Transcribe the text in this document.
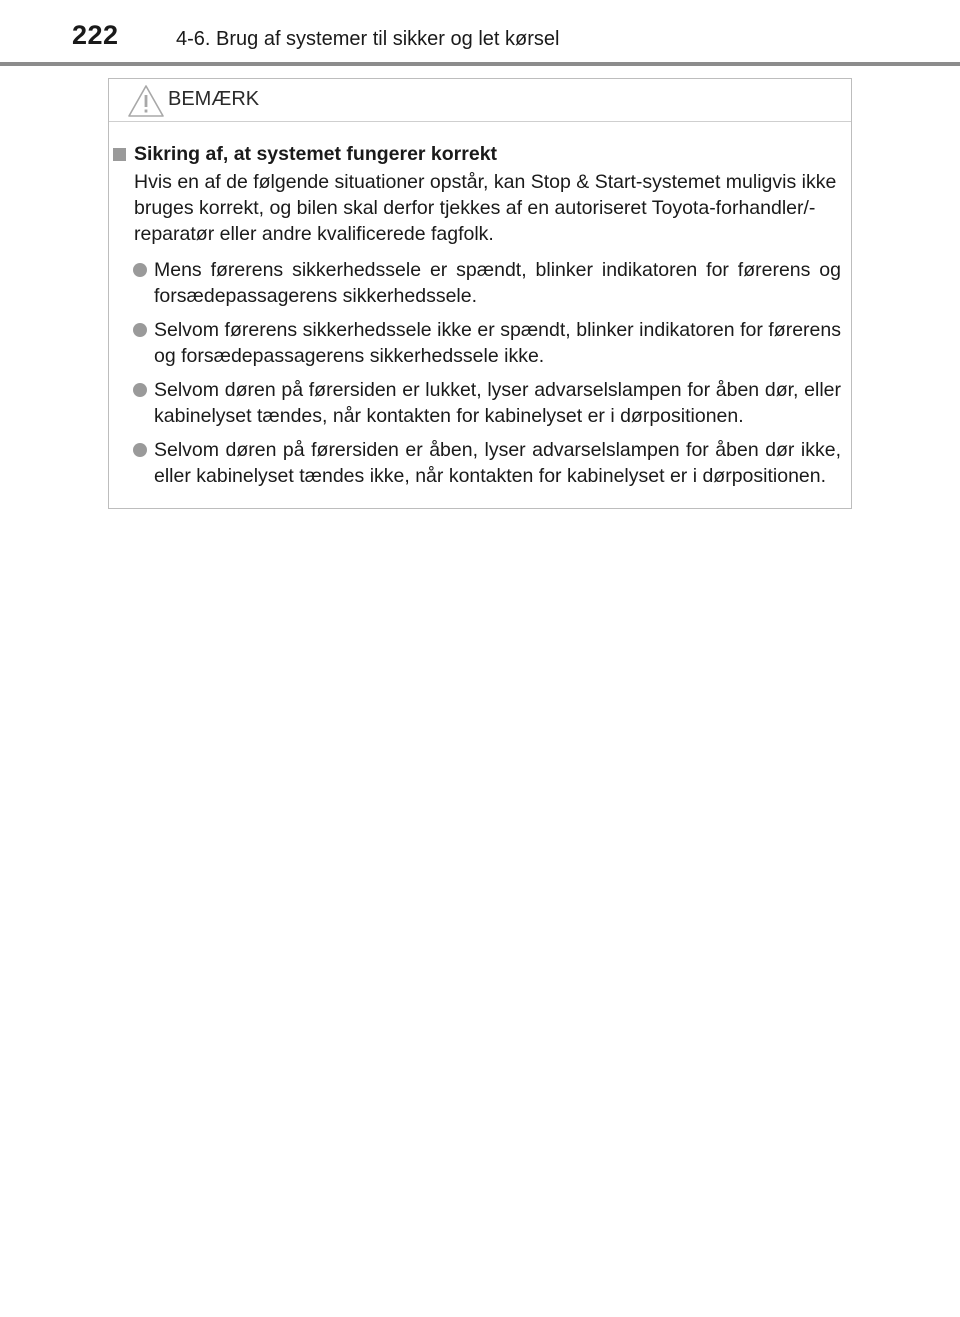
222	4-6. Brug af systemer til sikker og let kørsel
BEMÆRK
Sikring af, at systemet fungerer korrekt
Hvis en af de følgende situationer opstår, kan Stop & Start-systemet muligvis ikke bruges korrekt, og bilen skal derfor tjekkes af en autoriseret Toyota-forhandler/-reparatør eller andre kvalificerede fagfolk.
Mens førerens sikkerhedssele er spændt, blinker indikatoren for førerens og forsædepassagerens sikkerhedssele.
Selvom førerens sikkerhedssele ikke er spændt, blinker indikatoren for førerens og forsædepassagerens sikkerhedssele ikke.
Selvom døren på førersiden er lukket, lyser advarselslampen for åben dør, eller kabinelyset tændes, når kontakten for kabinelyset er i dørpositionen.
Selvom døren på førersiden er åben, lyser advarselslampen for åben dør ikke, eller kabinelyset tændes ikke, når kontakten for kabinelyset er i dørpositionen.
